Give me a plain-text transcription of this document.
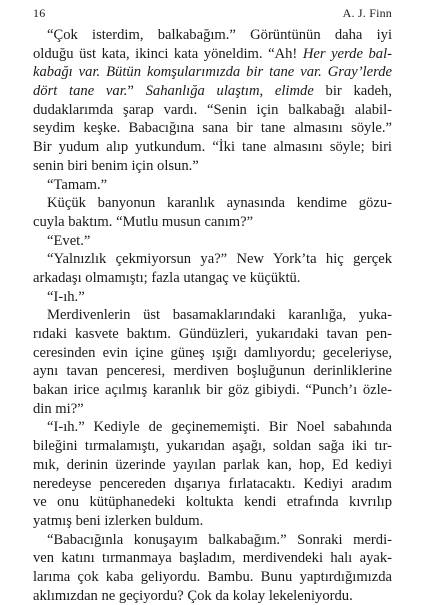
16	A. J. Finn
“Çok isterdim, balkabağım.” Görüntünün daha iyi
olduğu üst kata, ikinci kata yöneldim. “Ah! Her yerde bal-
kabağı var. Bütün komşularımızda bir tane var. Gray’lerde
dört tane var.” Sahanlığa ulaştım, elimde bir kadeh,
dudaklarımda şarap vardı. “Senin için balkabağı alabil-
seydim keşke. Babacığına sana bir tane almasını söyle.”
Bir yudum alıp yutkundum. “İki tane almasını söyle; biri
senin biri benim için olsun.”
“Tamam.”
Küçük banyonun karanlık aynasında kendime gözu-
cuyla baktım. “Mutlu musun canım?”
“Evet.”
“Yalnızlık çekmiyorsun ya?” New York’ta hiç gerçek
arkadaşı olmamıştı; fazla utangaç ve küçüktü.
“I-ıh.”
Merdivenlerin üst basamaklarındaki karanlığa, yuka-
rıdaki kasvete baktım. Gündüzleri, yukarıdaki tavan pen-
ceresinden evin içine güneş ışığı damlıyordu; geceleriyse,
aynı tavan penceresi, merdiven boşluğunun derinliklerine
bakan irice açılmış karanlık bir göz gibiydi. “Punch’ı özle-
din mi?”
“I-ıh.” Kediyle de geçinememişti. Bir Noel sabahında
bileğini tırmalamıştı, yukarıdan aşağı, soldan sağa iki tır-
mık, derinin üzerinde yayılan parlak kan, hop, Ed kediyi
neredeyse pencereden dışarıya fırlatacaktı. Kediyi aradım
ve onu kütüphanedeki koltukta kendi etrafında kıvrılıp
yatmış beni izlerken buldum.
“Babacığınla konuşayım balkabağım.” Sonraki merdi-
ven katını tırmanmaya başladım, merdivendeki halı ayak-
larıma çok kaba geliyordu. Bambu. Bunu yaptırdığımızda
aklımızdan ne geçiyordu? Çok da kolay lekeleniyordu.
